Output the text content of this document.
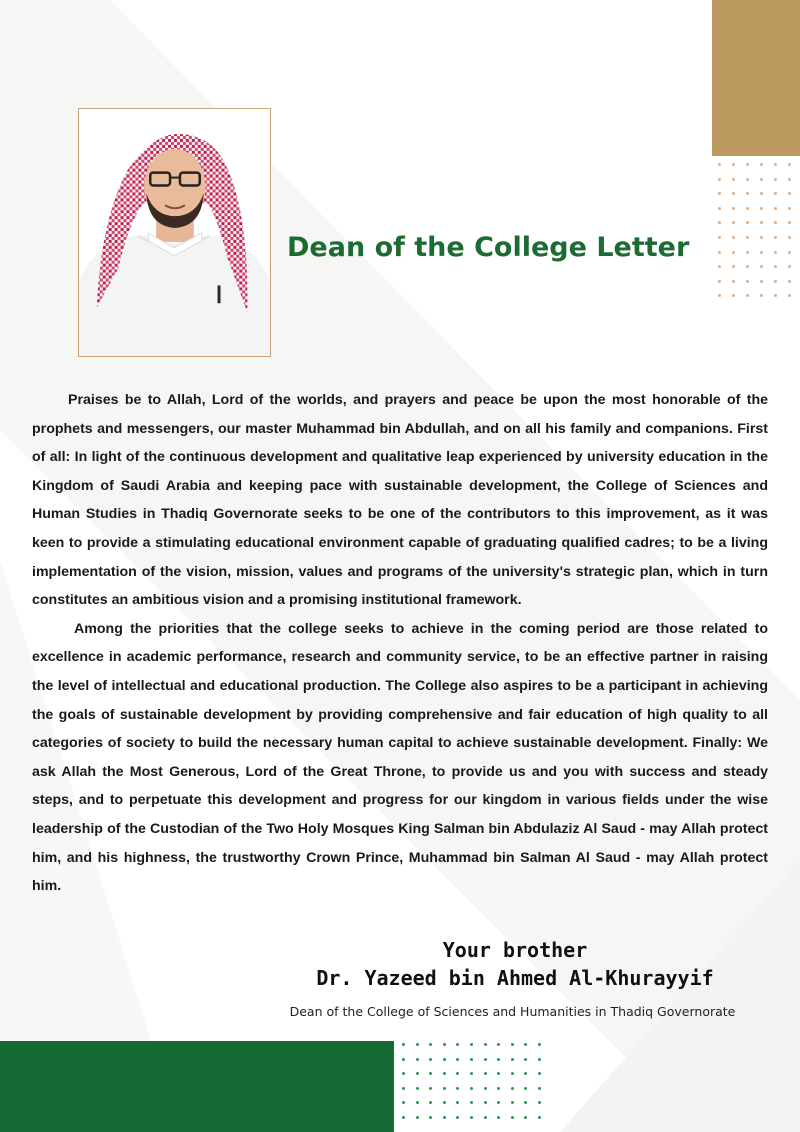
Dean of the College Letter

Praises be to Allah, Lord of the worlds, and prayers and peace be upon the most honorable of the prophets and messengers, our master Muhammad bin Abdullah, and on all his family and companions. First of all: In light of the continuous development and qualitative leap experienced by university education in the Kingdom of Saudi Arabia and keeping pace with sustainable development, the College of Sciences and Human Studies in Thadiq Governorate seeks to be one of the contributors to this improvement, as it was keen to provide a stimulating educational environment capable of graduating qualified cadres; to be a living implementation of the vision, mission, values and programs of the university's strategic plan, which in turn constitutes an ambitious vision and a promising institutional framework.

Among the priorities that the college seeks to achieve in the coming period are those related to excellence in academic performance, research and community service, to be an effective partner in raising the level of intellectual and educational production. The College also aspires to be a participant in achieving the goals of sustainable development by providing comprehensive and fair education of high quality to all categories of society to build the necessary human capital to achieve sustainable development. Finally: We ask Allah the Most Generous, Lord of the Great Throne, to provide us and you with success and steady steps, and to perpetuate this development and progress for our kingdom in various fields under the wise leadership of the Custodian of the Two Holy Mosques King Salman bin Abdulaziz Al Saud - may Allah protect him, and his highness, the trustworthy Crown Prince, Muhammad bin Salman Al Saud - may Allah protect him.

Your brother
Dr. Yazeed bin Ahmed Al-Khurayyif
Dean of the College of Sciences and Humanities in Thadiq Governorate
